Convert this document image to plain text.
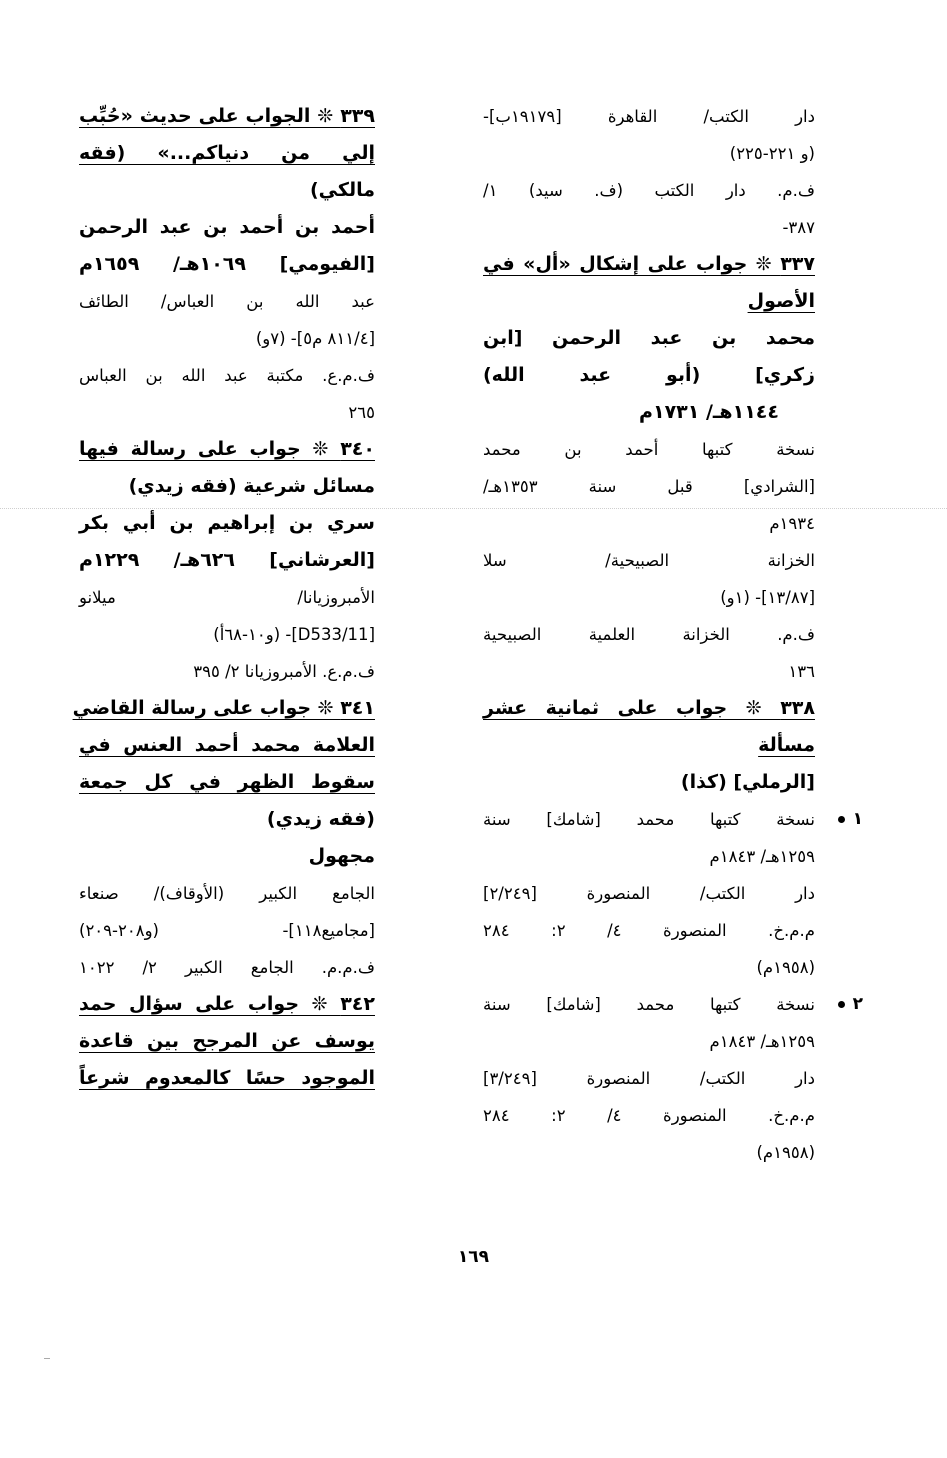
دار الكتب/ القاهرة [١٩١٧٩ب]-
(و ٢٢١-٢٢٥)
ف.م. دار الكتب (ف. سيد) ١/
٣٨٧-
٣٣٧ ❊ جواب على إشكال «أل» في
الأصول
محمد بن عبد الرحمن [ابن
زكري] (أبو عبد الله)
١١٤٤هـ/ ١٧٣١م
نسخة كتبها أحمد بن محمد
[الشرادي] قبل سنة ١٣٥٣هـ/
١٩٣٤م
الخزانة الصبيحية/ سلا
[١٣/٨٧]- (١و)
ف.م. الخزانة العلمية الصبيحية
١٣٦
٣٣٨ ❊ جواب على ثمانية عشر
مسألة
[الرملي] (كذا)
١
نسخة كتبها محمد [شامك] سنة
١٢٥٩هـ/ ١٨٤٣م
دار الكتب/ المنصورة [٢/٢٤٩]
م.م.خ. المنصورة ٤/ ٢: ٢٨٤
(١٩٥٨م)
٢
نسخة كتبها محمد [شامك] سنة
١٢٥٩هـ/ ١٨٤٣م
دار الكتب/ المنصورة [٣/٢٤٩]
م.م.خ. المنصورة ٤/ ٢: ٢٨٤
(١٩٥٨م)
٣٣٩ ❊ الجواب على حديث «حُبِّب
إلي من دنياكم...» (فقه
مالكي)
أحمد بن أحمد بن عبد الرحمن
[الفيومي] ١٠٦٩هـ/ ١٦٥٩م
عبد الله بن العباس/ الطائف
[٨١١/٤ م٥]- (٧و)
ف.م.ع. مكتبة عبد الله بن العباس
٢٦٥
٣٤٠ ❊ جواب على رسالة فيها
مسائل شرعية (فقه زيدي)
سري بن إبراهيم بن أبي بكر
[العرشاني] ٦٢٦هـ/ ١٢٢٩م
الأمبروزيانا/ ميلانو
[D533/11]- (و١٠-٦٨أ)
ف.م.ع. الأمبروزيانا ٢/ ٣٩٥
٣٤١ ❊ جواب على رسالة القاضي
العلامة محمد أحمد العنس في
سقوط الظهر في كل جمعة
(فقه زيدي)
مجهول
الجامع الكبير (الأوقاف)/ صنعاء
[مجاميع١١٨]- (و٢٠٨-٢٠٩)
ف.م.م. الجامع الكبير ٢/ ١٠٢٢
٣٤٢ ❊ جواب على سؤال حمد
يوسف عن المرجح بين قاعدة
الموجود حسًا كالمعدوم شرعاً
١٦٩
